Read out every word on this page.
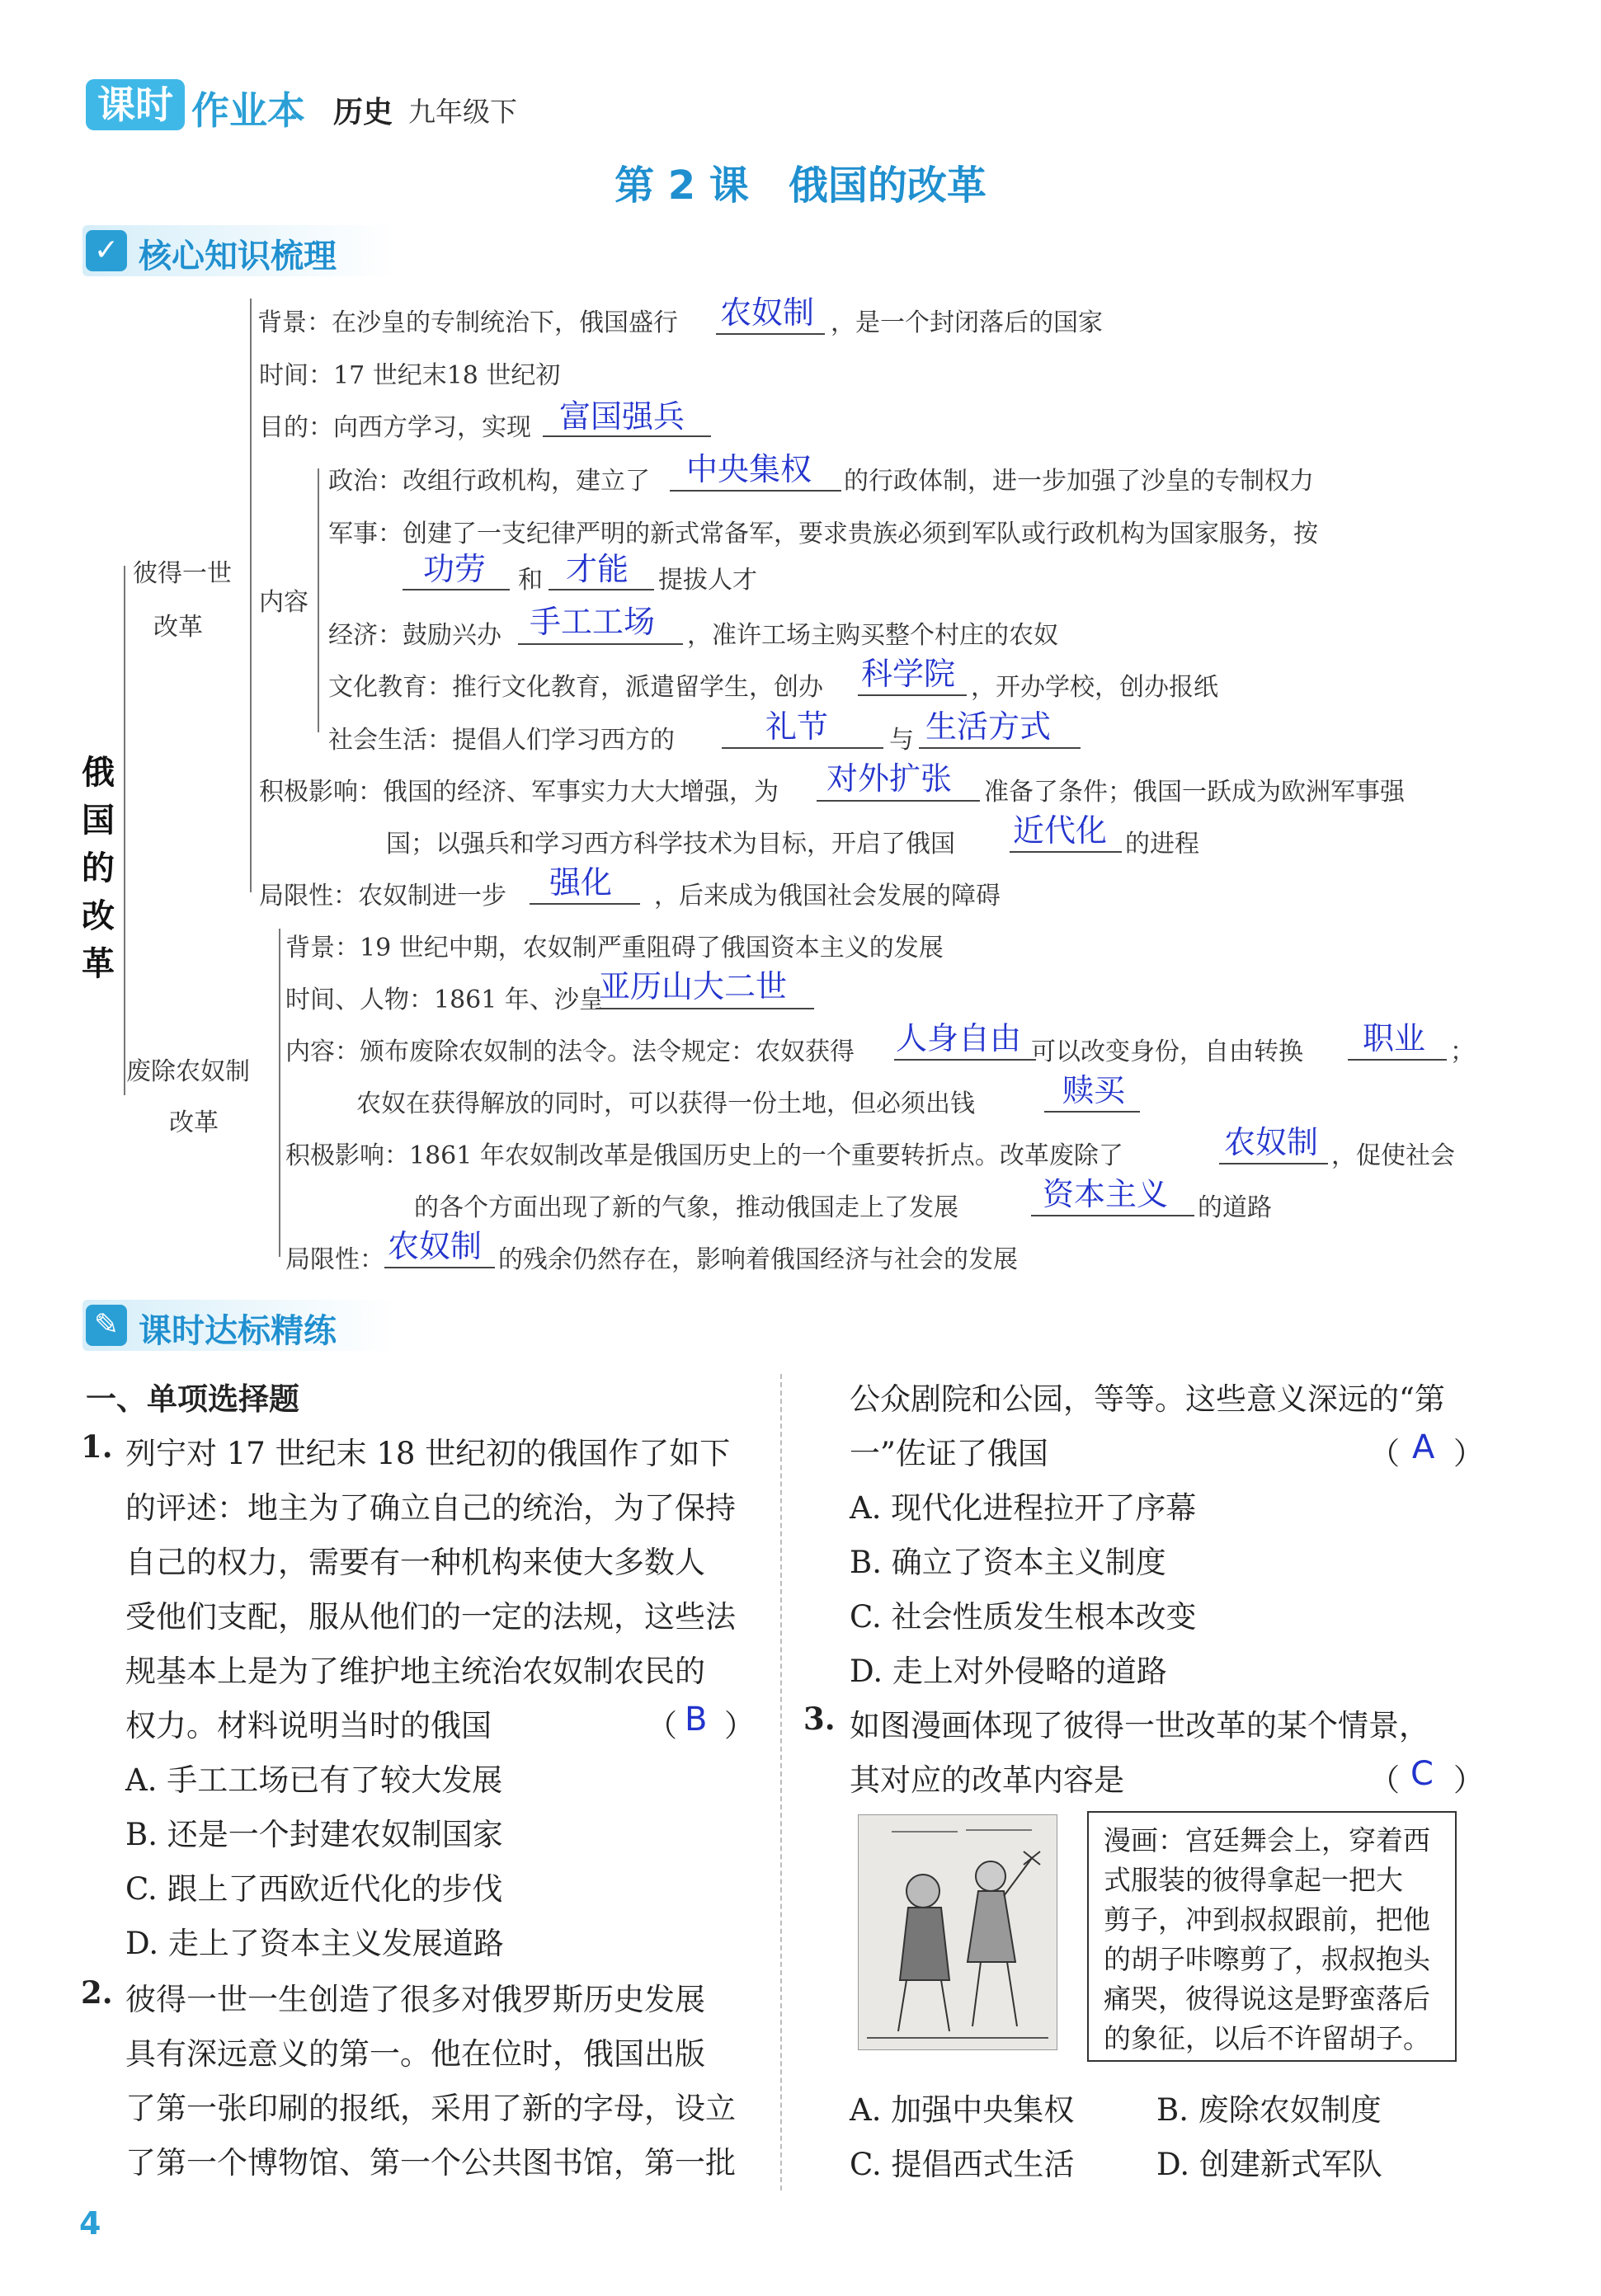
课时 作业本 历史 九年级下
第 2 课　俄国的改革
✓ 核心知识梳理
俄国的改革
彼得一世
改革
内容
背景：在沙皇的专制统治下，俄国盛行 农奴制 ，是一个封闭落后的国家
时间：17 世纪末18 世纪初
目的：向西方学习，实现 富国强兵
政治：改组行政机构，建立了 中央集权 的行政体制，进一步加强了沙皇的专制权力
军事：创建了一支纪律严明的新式常备军，要求贵族必须到军队或行政机构为国家服务，按
功劳 和 才能 提拔人才
经济：鼓励兴办 手工工场 ，准许工场主购买整个村庄的农奴
文化教育：推行文化教育，派遣留学生，创办 科学院 ，开办学校，创办报纸
社会生活：提倡人们学习西方的	礼节 与 生活方式
积极影响：俄国的经济、军事实力大大增强，为 对外扩张 准备了条件；俄国一跃成为欧洲军事强
国；以强兵和学习西方科学技术为目标，开启了俄国 近代化 的进程
局限性：农奴制进一步 强化 ，后来成为俄国社会发展的障碍
废除农奴制
改革
背景：19 世纪中期，农奴制严重阻碍了俄国资本主义的发展
时间、人物：1861 年、沙皇
亚历山大二世
内容：颁布废除农奴制的法令。法令规定：农奴获得 人身自由 可以改变身份，自由转换 职业 ；
农奴在获得解放的同时，可以获得一份土地，但必须出钱	赎买
积极影响：1861 年农奴制改革是俄国历史上的一个重要转折点。改革废除了	农奴制 ，促使社会
的各个方面出现了新的气象，推动俄国走上了发展	资本主义 的道路
局限性： 农奴制 的残余仍然存在，影响着俄国经济与社会的发展
✎ 课时达标精练
一、单项选择题
1. 列宁对 17 世纪末 18 世纪初的俄国作了如下
的评述：地主为了确立自己的统治，为了保持
自己的权力，需要有一种机构来使大多数人
受他们支配，服从他们的一定的法规，这些法
规基本上是为了维护地主统治农奴制农民的
权力。材料说明当时的俄国	（ B ）
A. 手工工场已有了较大发展
B. 还是一个封建农奴制国家
C. 跟上了西欧近代化的步伐
D. 走上了资本主义发展道路
2. 彼得一世一生创造了很多对俄罗斯历史发展
具有深远意义的第一。他在位时，俄国出版
了第一张印刷的报纸，采用了新的字母，设立
了第一个博物馆、第一个公共图书馆，第一批
公众剧院和公园，等等。这些意义深远的“第
一”佐证了俄国	（ A ）
A. 现代化进程拉开了序幕
B. 确立了资本主义制度
C. 社会性质发生根本改变
D. 走上对外侵略的道路
3. 如图漫画体现了彼得一世改革的某个情景，
其对应的改革内容是	（ C ）
漫画：宫廷舞会上，穿着西
式服装的彼得拿起一把大
剪子，冲到叔叔跟前，把他
的胡子咔嚓剪了，叔叔抱头
痛哭，彼得说这是野蛮落后
的象征，以后不许留胡子。
A. 加强中央集权	B. 废除农奴制度
C. 提倡西式生活	D. 创建新式军队
4
